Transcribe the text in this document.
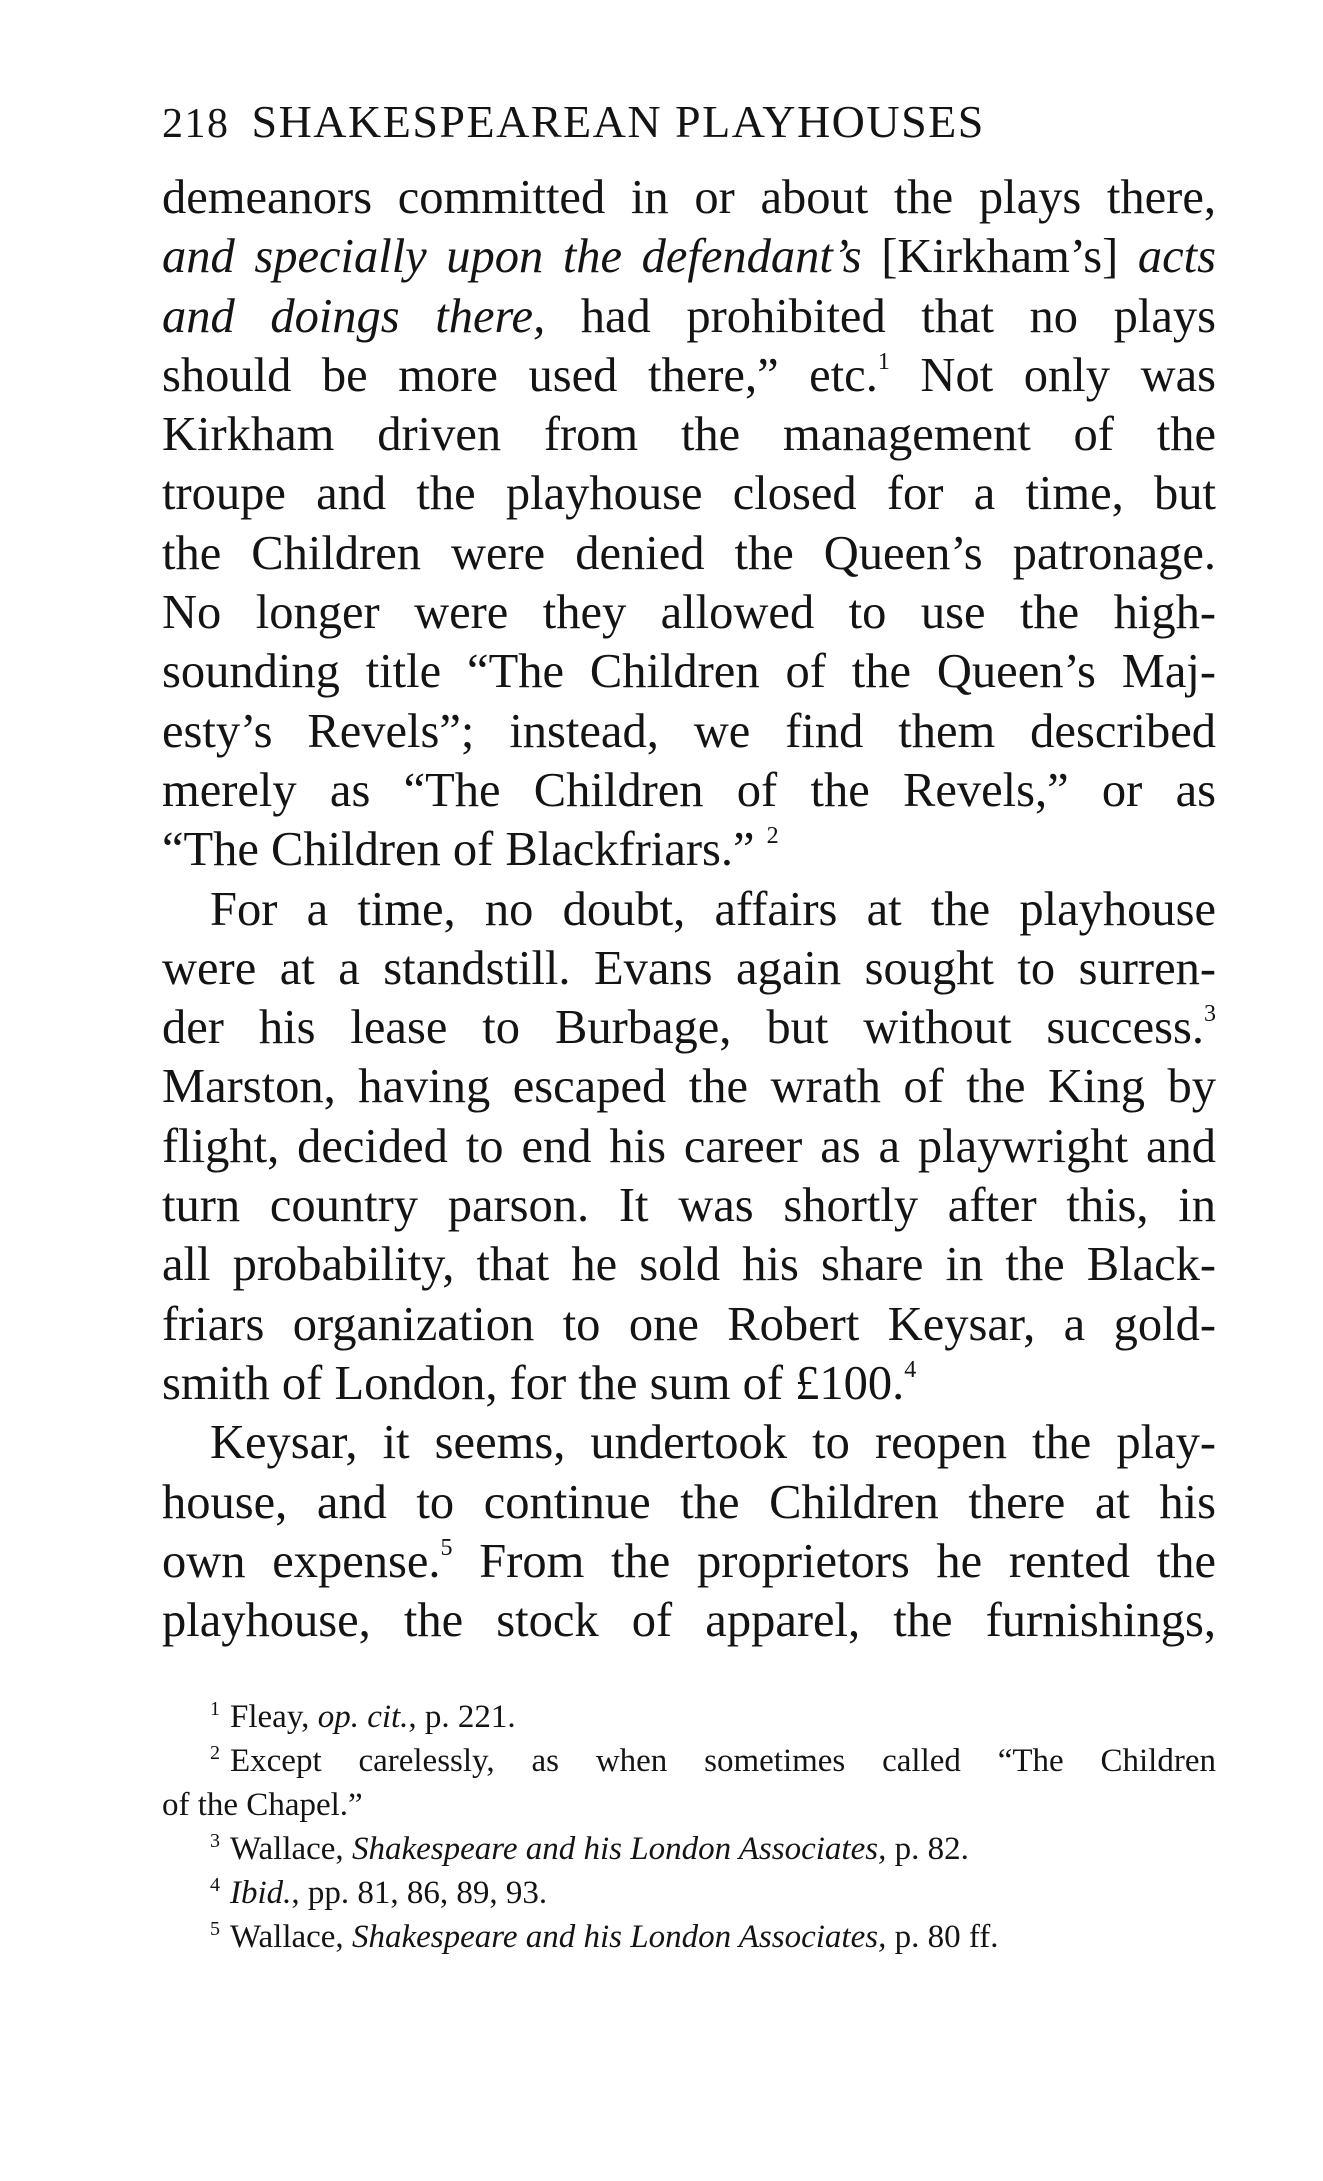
218 SHAKESPEAREAN PLAYHOUSES
demeanors committed in or about the plays there,
and specially upon the defendant’s [Kirkham’s] acts
and doings there, had prohibited that no plays
should be more used there,” etc.$^1$ Not only was
Kirkham driven from the management of the
troupe and the playhouse closed for a time, but
the Children were denied the Queen’s patronage.
No longer were they allowed to use the high-
sounding title “The Children of the Queen’s Maj-
esty’s Revels”; instead, we find them described
merely as “The Children of the Revels,” or as
“The Children of Blackfriars.” $^2$
For a time, no doubt, affairs at the playhouse
were at a standstill. Evans again sought to surren-
der his lease to Burbage, but without success.$^3$
Marston, having escaped the wrath of the King by
flight, decided to end his career as a playwright and
turn country parson. It was shortly after this, in
all probability, that he sold his share in the Black-
friars organization to one Robert Keysar, a gold-
smith of London, for the sum of £100.$^4$
Keysar, it seems, undertook to reopen the play-
house, and to continue the Children there at his
own expense.$^5$ From the proprietors he rented the
playhouse, the stock of apparel, the furnishings,
$^1$ Fleay, op. cit., p. 221.
$^2$ Except carelessly, as when sometimes called “The Children
of the Chapel.”
$^3$ Wallace, Shakespeare and his London Associates, p. 82.
$^4$ Ibid., pp. 81, 86, 89, 93.
$^5$ Wallace, Shakespeare and his London Associates, p. 80 ff.
